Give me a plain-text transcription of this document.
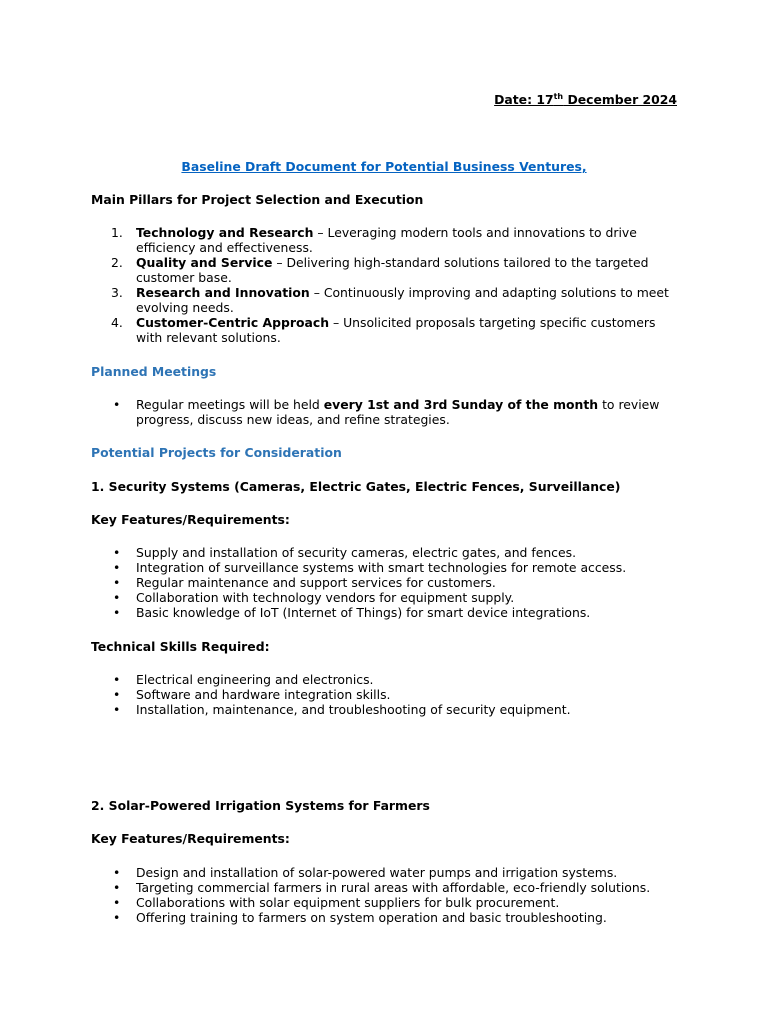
Date: 17th December 2024
Baseline Draft Document for Potential Business Ventures,
Main Pillars for Project Selection and Execution
1.	Technology and Research – Leveraging modern tools and innovations to drive
efficiency and effectiveness.
2.	Quality and Service – Delivering high-standard solutions tailored to the targeted
customer base.
3.	Research and Innovation – Continuously improving and adapting solutions to meet
evolving needs.
4.	Customer-Centric Approach – Unsolicited proposals targeting specific customers
with relevant solutions.
Planned Meetings
• Regular meetings will be held every 1st and 3rd Sunday of the month to review
progress, discuss new ideas, and refine strategies.
Potential Projects for Consideration
1. Security Systems (Cameras, Electric Gates, Electric Fences, Surveillance)
Key Features/Requirements:
• Supply and installation of security cameras, electric gates, and fences.
• Integration of surveillance systems with smart technologies for remote access.
• Regular maintenance and support services for customers.
• Collaboration with technology vendors for equipment supply.
• Basic knowledge of IoT (Internet of Things) for smart device integrations.
Technical Skills Required:
• Electrical engineering and electronics.
• Software and hardware integration skills.
• Installation, maintenance, and troubleshooting of security equipment.
2. Solar-Powered Irrigation Systems for Farmers
Key Features/Requirements:
• Design and installation of solar-powered water pumps and irrigation systems.
• Targeting commercial farmers in rural areas with affordable, eco-friendly solutions.
• Collaborations with solar equipment suppliers for bulk procurement.
• Offering training to farmers on system operation and basic troubleshooting.
